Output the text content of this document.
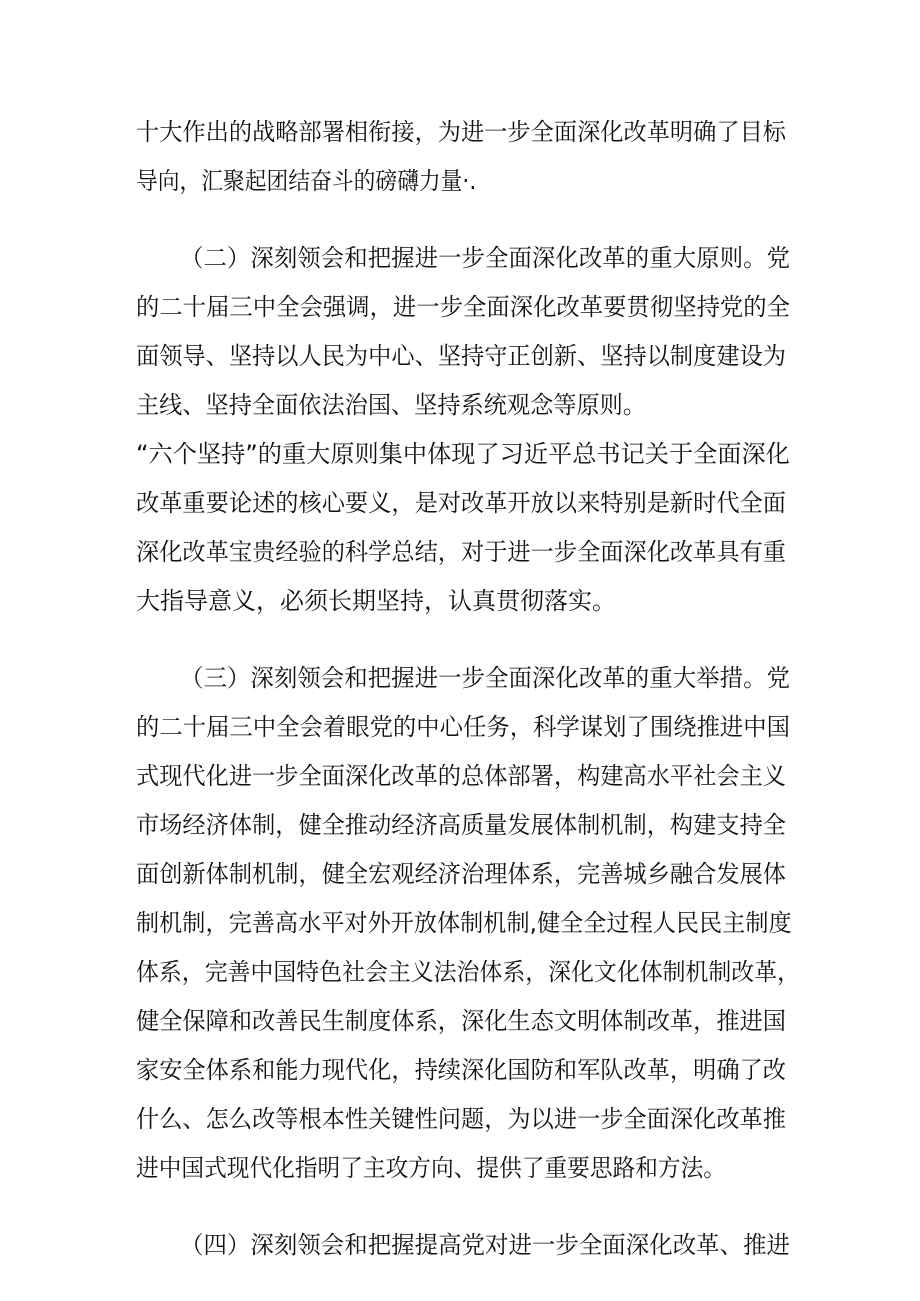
十大作出的战略部署相衔接，为进一步全面深化改革明确了目标
导向，汇聚起团结奋斗的磅礴力量·.
（二）深刻领会和把握进一步全面深化改革的重大原则。党
的二十届三中全会强调，进一步全面深化改革要贯彻坚持党的全
面领导、坚持以人民为中心、坚持守正创新、坚持以制度建设为
主线、坚持全面依法治国、坚持系统观念等原则。
“六个坚持”的重大原则集中体现了习近平总书记关于全面深化
改革重要论述的核心要义，是对改革开放以来特别是新时代全面
深化改革宝贵经验的科学总结，对于进一步全面深化改革具有重
大指导意义，必须长期坚持，认真贯彻落实。
（三）深刻领会和把握进一步全面深化改革的重大举措。党
的二十届三中全会着眼党的中心任务，科学谋划了围绕推进中国
式现代化进一步全面深化改革的总体部署，构建高水平社会主义
市场经济体制，健全推动经济高质量发展体制机制，构建支持全
面创新体制机制，健全宏观经济治理体系，完善城乡融合发展体
制机制，完善高水平对外开放体制机制,健全全过程人民民主制度
体系，完善中国特色社会主义法治体系，深化文化体制机制改革，
健全保障和改善民生制度体系，深化生态文明体制改革，推进国
家安全体系和能力现代化，持续深化国防和军队改革，明确了改
什么、怎么改等根本性关键性问题，为以进一步全面深化改革推
进中国式现代化指明了主攻方向、提供了重要思路和方法。
（四）深刻领会和把握提高党对进一步全面深化改革、推进
